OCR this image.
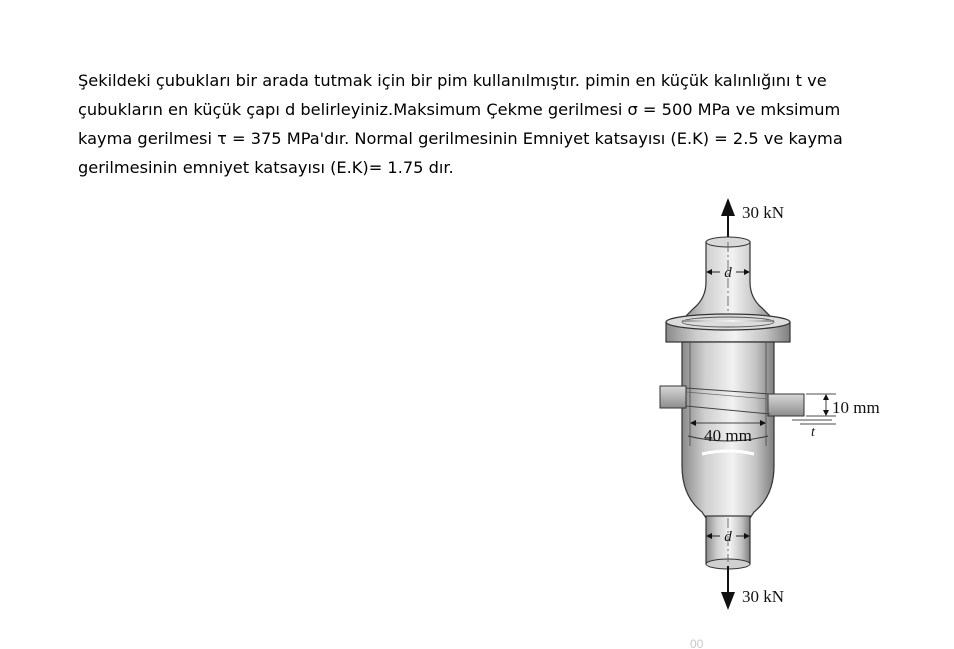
Şekildeki çubukları bir arada tutmak için bir pim kullanılmıştır. pimin en küçük kalınlığını t ve
çubukların en küçük çapı d belirleyiniz.Maksimum Çekme gerilmesi σ = 500 MPa ve mksimum
kayma gerilmesi τ = 375 MPa'dır. Normal gerilmesinin Emniyet katsayısı (E.K) = 2.5 ve kayma
gerilmesinin emniyet katsayısı (E.K)= 1.75 dır.
30 kN
d
10 mm
t
40 mm
d
30 kN
00
